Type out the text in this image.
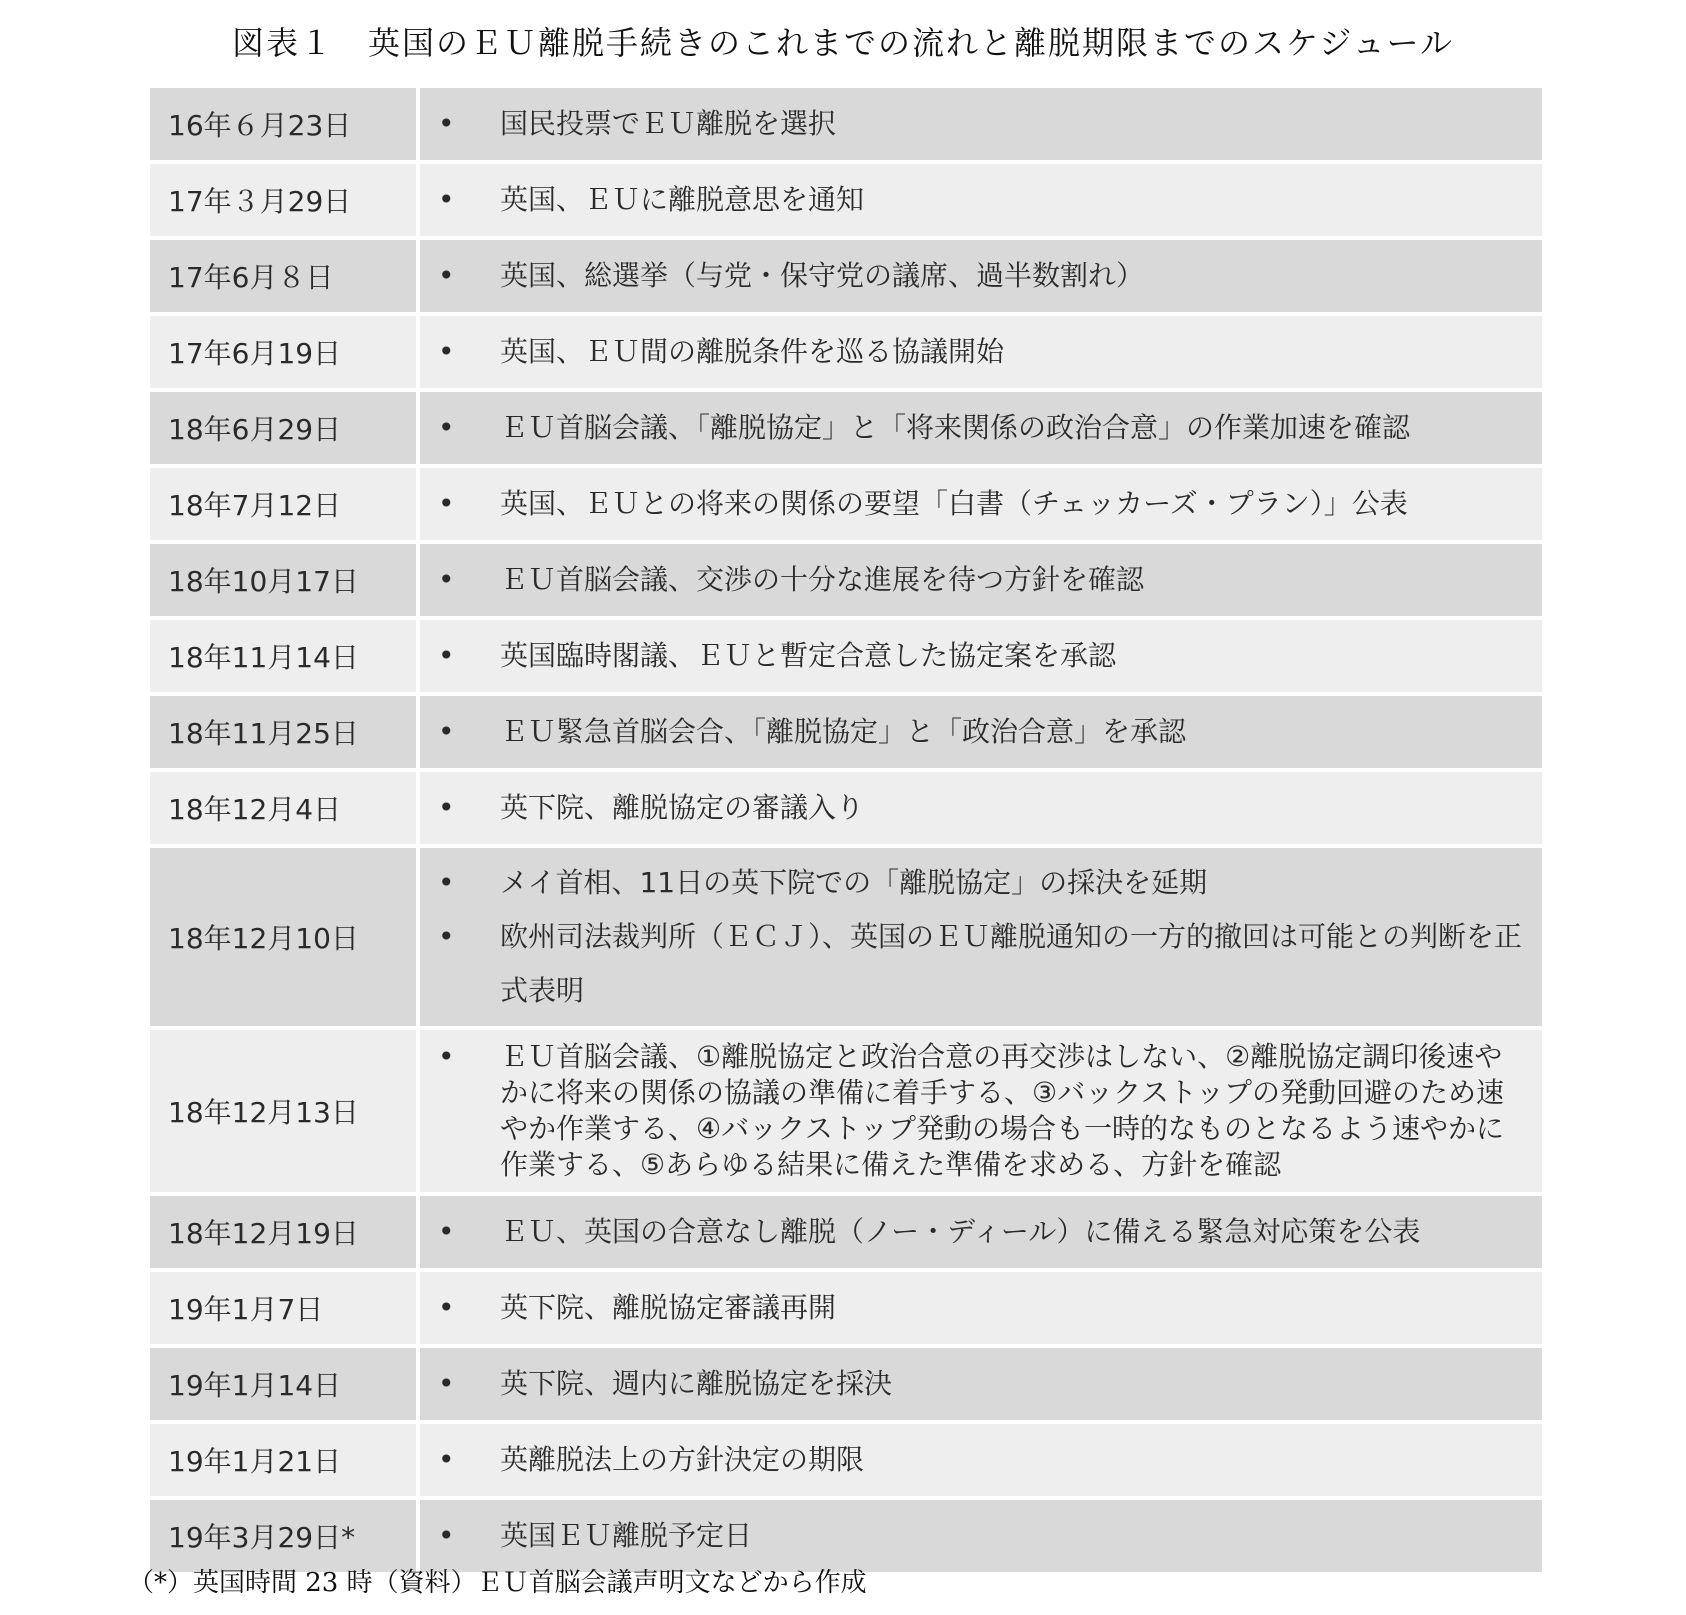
図表１　英国のＥＵ離脱手続きのこれまでの流れと離脱期限までのスケジュール
16年６月23日	•	国民投票でＥＵ離脱を選択
17年３月29日	•	英国、ＥＵに離脱意思を通知
17年6月８日	•	英国、総選挙（与党・保守党の議席、過半数割れ）
17年6月19日	•	英国、ＥＵ間の離脱条件を巡る協議開始
18年6月29日	•	ＥＵ首脳会議、「離脱協定」と「将来関係の政治合意」の作業加速を確認
18年7月12日	•	英国、ＥＵとの将来の関係の要望「白書（チェッカーズ・プラン）」公表
18年10月17日	•	ＥＵ首脳会議、交渉の十分な進展を待つ方針を確認
18年11月14日	•	英国臨時閣議、ＥＵと暫定合意した協定案を承認
18年11月25日	•	ＥＵ緊急首脳会合、「離脱協定」と「政治合意」を承認
18年12月4日	•	英下院、離脱協定の審議入り
18年12月10日
•	メイ首相、11日の英下院での「離脱協定」の採決を延期
•	欧州司法裁判所（ＥＣＪ）、英国のＥＵ離脱通知の一方的撤回は可能との判断を正式表明
18年12月13日
•	ＥＵ首脳会議、①離脱協定と政治合意の再交渉はしない、②離脱協定調印後速やかに将来の関係の協議の準備に着手する、③バックストップの発動回避のため速やか作業する、④バックストップ発動の場合も一時的なものとなるよう速やかに作業する、⑤あらゆる結果に備えた準備を求める、方針を確認
18年12月19日	•	ＥＵ、英国の合意なし離脱（ノー・ディール）に備える緊急対応策を公表
19年1月7日	•	英下院、離脱協定審議再開
19年1月14日	•	英下院、週内に離脱協定を採決
19年1月21日	•	英離脱法上の方針決定の期限
19年3月29日*	•	英国ＥＵ離脱予定日
（*）英国時間 23 時（資料）ＥＵ首脳会議声明文などから作成
